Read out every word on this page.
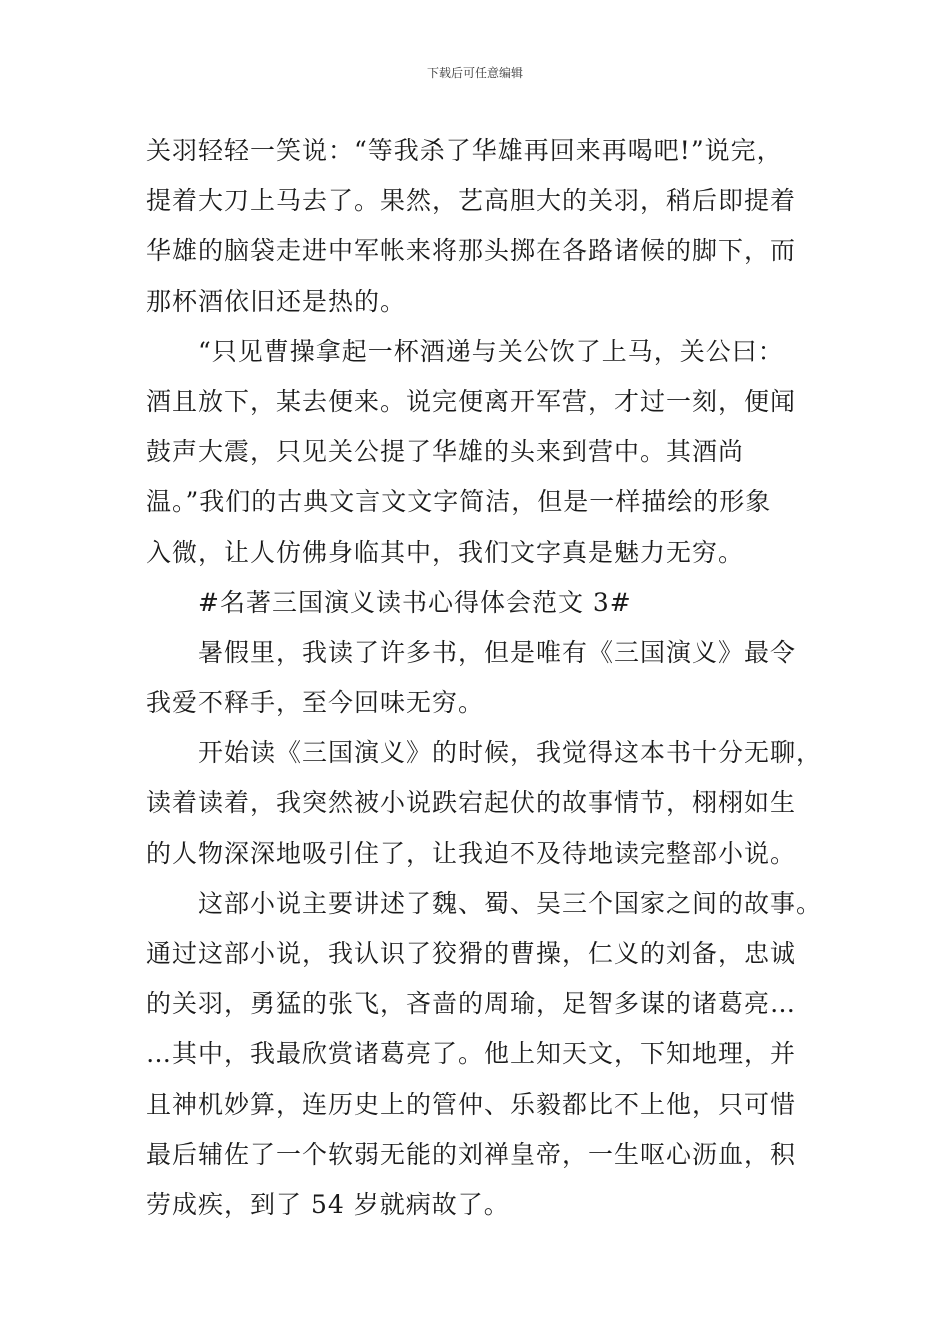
下载后可任意编辑

关羽轻轻一笑说：“等我杀了华雄再回来再喝吧!”说完，
提着大刀上马去了。果然，艺高胆大的关羽，稍后即提着
华雄的脑袋走进中军帐来将那头掷在各路诸候的脚下，而
那杯酒依旧还是热的。

“只见曹操拿起一杯酒递与关公饮了上马，关公曰：
酒且放下，某去便来。说完便离开军营，才过一刻，便闻
鼓声大震，只见关公提了华雄的头来到营中。其酒尚
温。”我们的古典文言文文字简洁，但是一样描绘的形象
入微，让人仿佛身临其中，我们文字真是魅力无穷。

#名著三国演义读书心得体会范文 3#

暑假里，我读了许多书，但是唯有《三国演义》最令
我爱不释手，至今回味无穷。

开始读《三国演义》的时候，我觉得这本书十分无聊，
读着读着，我突然被小说跌宕起伏的故事情节，栩栩如生
的人物深深地吸引住了，让我迫不及待地读完整部小说。

这部小说主要讲述了魏、蜀、吴三个国家之间的故事。
通过这部小说，我认识了狡猾的曹操，仁义的刘备，忠诚
的关羽，勇猛的张飞，吝啬的周瑜，足智多谋的诸葛亮…
…其中，我最欣赏诸葛亮了。他上知天文，下知地理，并
且神机妙算，连历史上的管仲、乐毅都比不上他，只可惜
最后辅佐了一个软弱无能的刘禅皇帝，一生呕心沥血，积
劳成疾，到了 54 岁就病故了。
